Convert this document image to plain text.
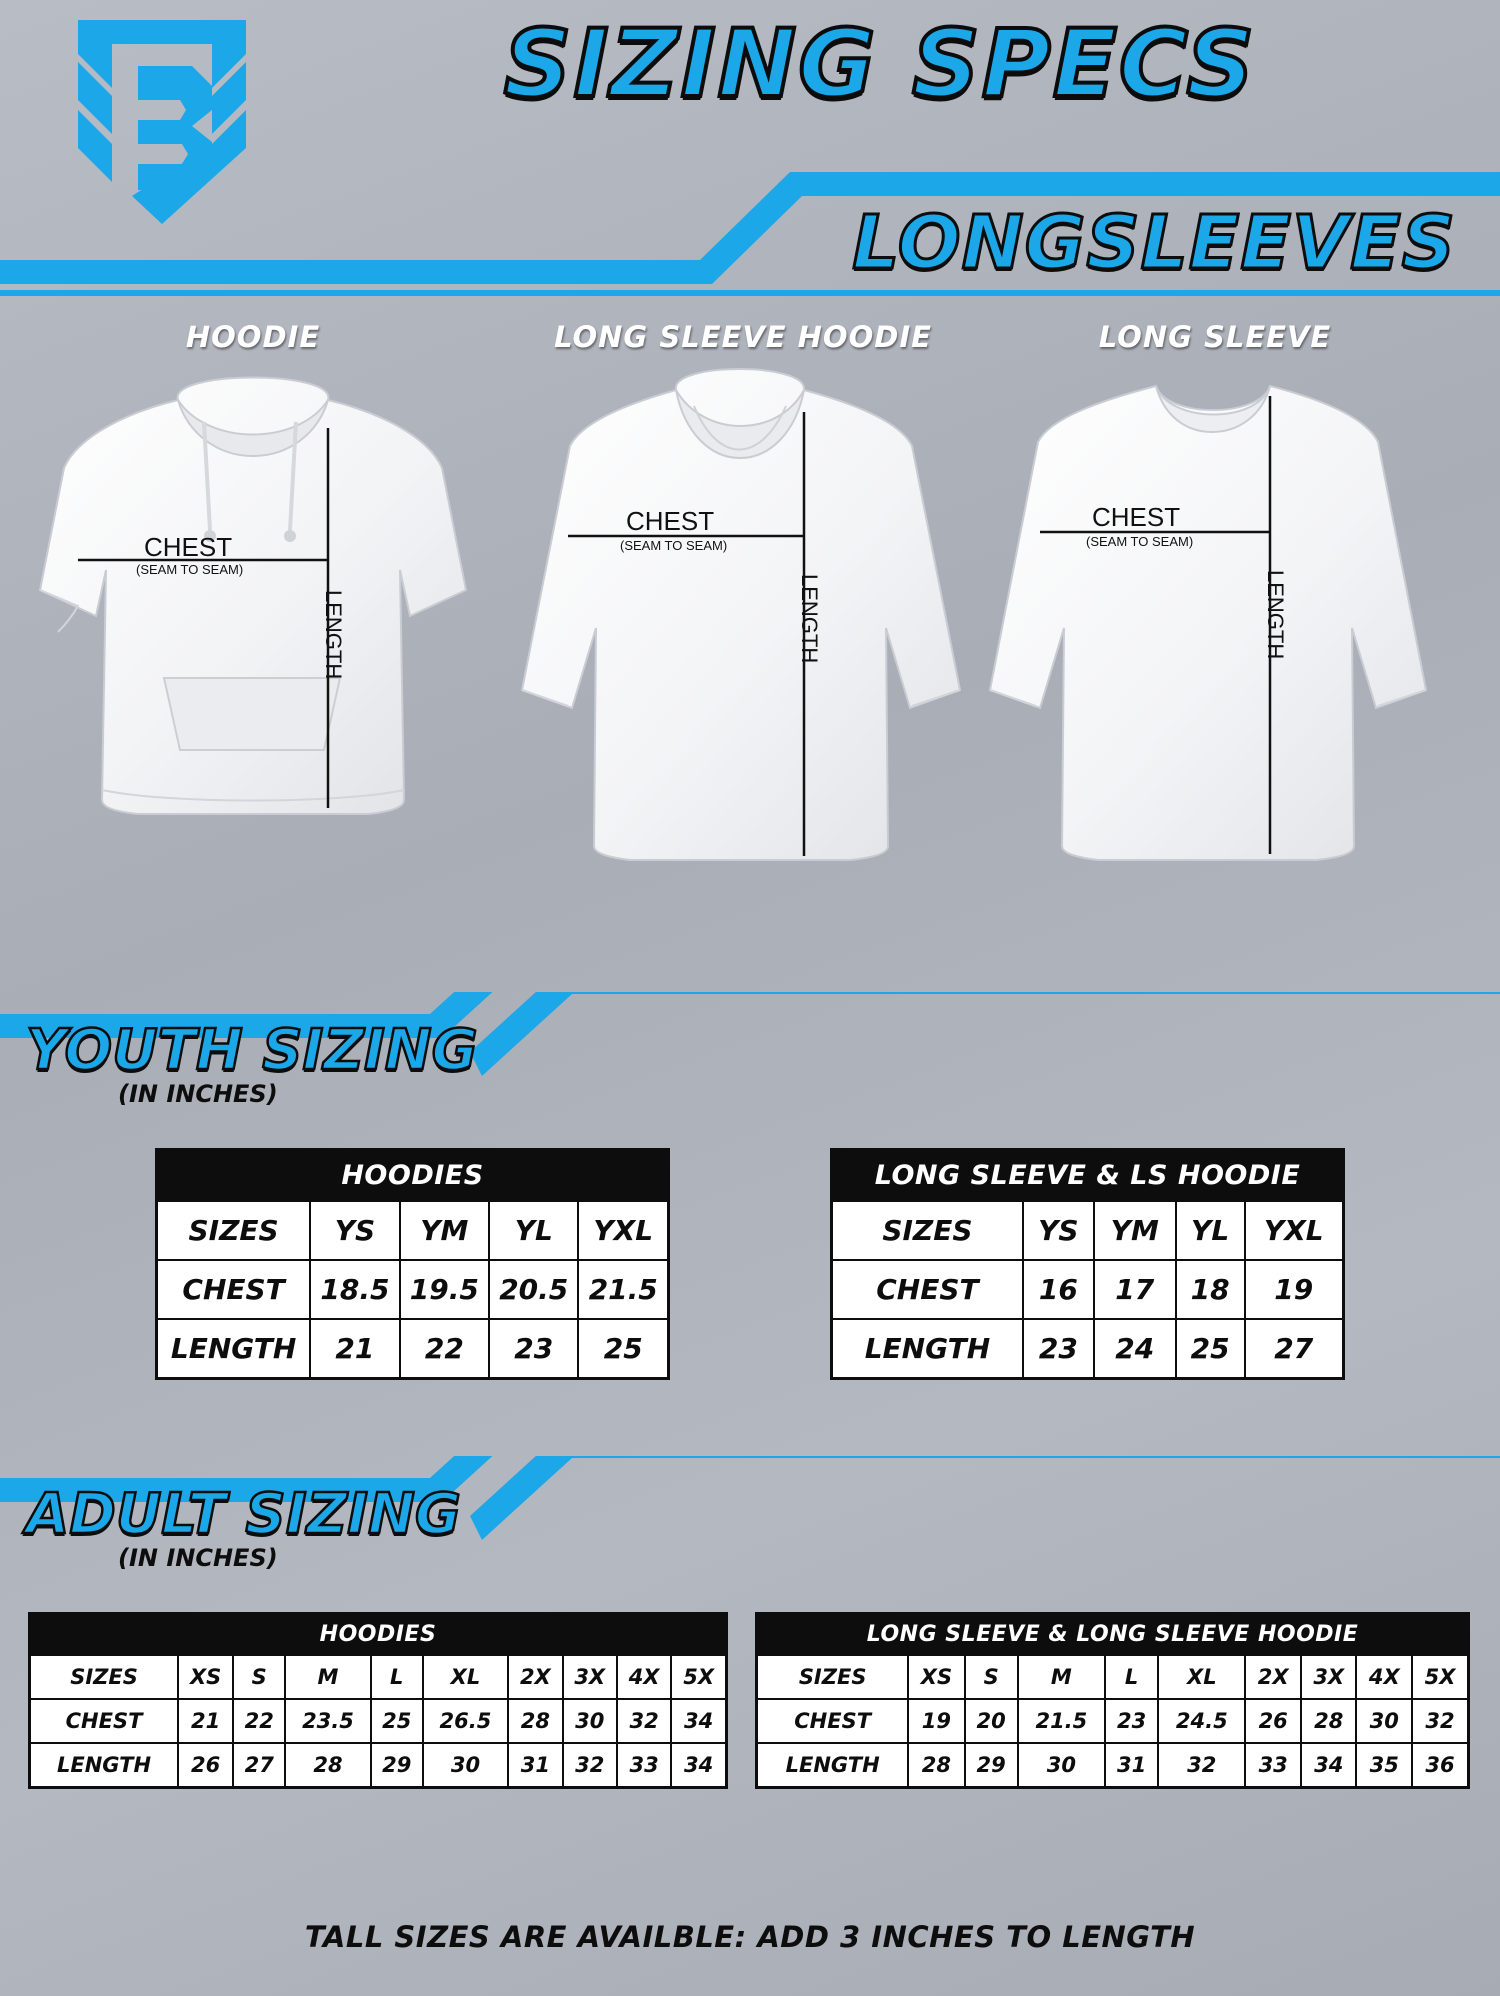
SIZING SPECS
LONGSLEEVES
HOODIE
CHEST
(SEAM TO SEAM)
LENGTH
LONG SLEEVE HOODIE
CHEST
(SEAM TO SEAM)
LENGTH
LONG SLEEVE
CHEST
(SEAM TO SEAM)
LENGTH
YOUTH SIZING
(IN INCHES)
HOODIES				
SIZES	YS	YM	YL	YXL
CHEST	18.5	19.5	20.5	21.5
LENGTH	21	22	23	25
LONG SLEEVE & LS HOODIE				
SIZES	YS	YM	YL	YXL
CHEST	16	17	18	19
LENGTH	23	24	25	27
ADULT SIZING
(IN INCHES)
HOODIES									
SIZES	XS	S	M	L	XL	2X	3X	4X	5X
CHEST	21	22	23.5	25	26.5	28	30	32	34
LENGTH	26	27	28	29	30	31	32	33	34
LONG SLEEVE & LONG SLEEVE HOODIE									
SIZES	XS	S	M	L	XL	2X	3X	4X	5X
CHEST	19	20	21.5	23	24.5	26	28	30	32
LENGTH	28	29	30	31	32	33	34	35	36
TALL SIZES ARE AVAILBLE: ADD 3 INCHES TO LENGTH
